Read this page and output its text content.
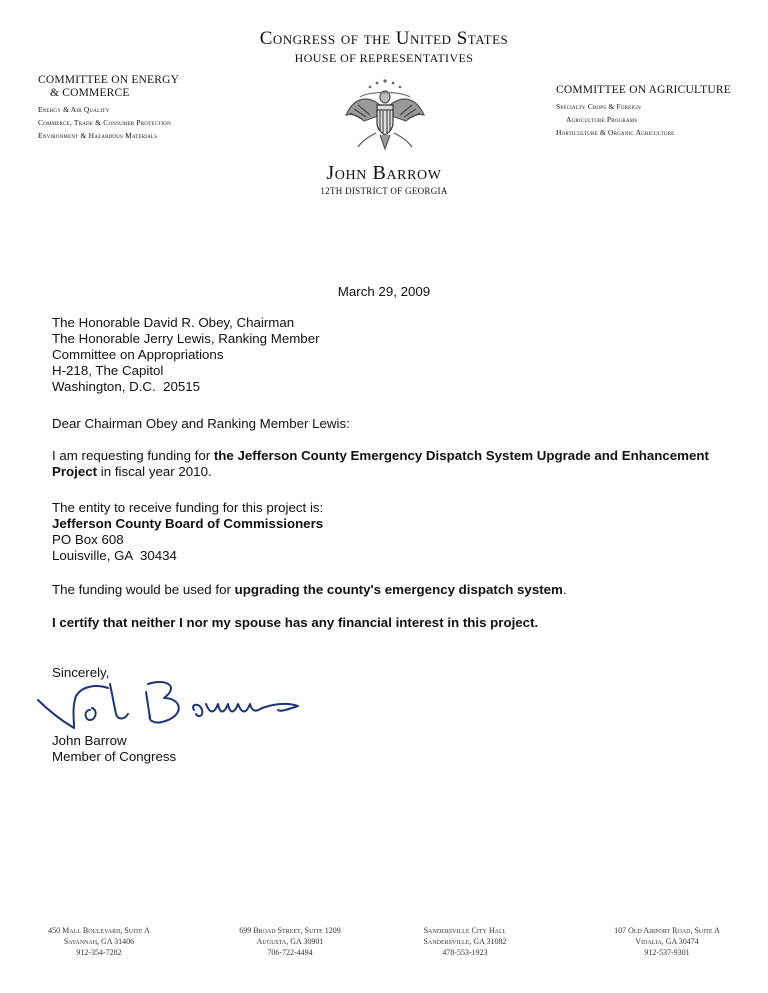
Congress of the United States
HOUSE OF REPRESENTATIVES
COMMITTEE ON ENERGY
& COMMERCE
Energy & Air Quality
Commerce, Trade & Consumer Protection
Environment & Hazardous Materials
COMMITTEE ON AGRICULTURE
Specialty Crops & Foreign
Agriculture Programs
Horticulture & Organic Agriculture
John Barrow
12TH DISTRICT OF GEORGIA
March 29, 2009
The Honorable David R. Obey, Chairman
The Honorable Jerry Lewis, Ranking Member
Committee on Appropriations
H-218, The Capitol
Washington, D.C.  20515
Dear Chairman Obey and Ranking Member Lewis:
I am requesting funding for the Jefferson County Emergency Dispatch System Upgrade and Enhancement Project in fiscal year 2010.
The entity to receive funding for this project is:
Jefferson County Board of Commissioners
PO Box 608
Louisville, GA  30434
The funding would be used for upgrading the county's emergency dispatch system.
I certify that neither I nor my spouse has any financial interest in this project.
Sincerely,
John Barrow
Member of Congress
450 Mall Boulevard, Suite A
Savannah, GA 31406
912-354-7282
699 Broad Street, Suite 1209
Augusta, GA 30901
706-722-4494
Sandersville City Hall
Sandersville, GA 31082
478-553-1923
107 Old Airport Road, Suite A
Vidalia, GA 30474
912-537-9301
